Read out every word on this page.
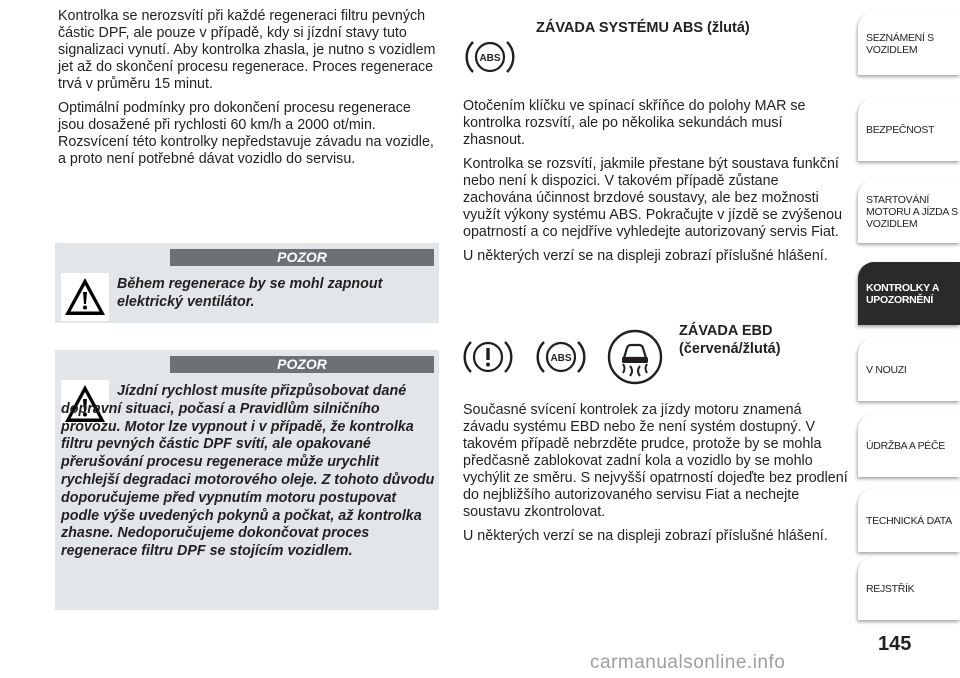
Kontrolka se nerozsvítí při každé regeneraci filtru pevných částic DPF, ale pouze v případě, kdy si jízdní stavy tuto signalizaci vynutí. Aby kontrolka zhasla, je nutno s vozidlem jet až do skončení procesu regenerace. Proces regenerace trvá v průměru 15 minut.

Optimální podmínky pro dokončení procesu regenerace jsou dosažené při rychlosti 60 km/h a 2000 ot/min. Rozsvícení této kontrolky nepředstavuje závadu na vozidle, a proto není potřebné dávat vozidlo do servisu.

POZOR
Během regenerace by se mohl zapnout elektrický ventilátor.
POZOR
Jízdní rychlost musíte přizpůsobovat dané dopravní situaci, počasí a Pravidlům silničního provozu. Motor lze vypnout i v případě, že kontrolka filtru pevných částic DPF svítí, ale opakované přerušování procesu regenerace může urychlit rychlejší degradaci motorového oleje. Z tohoto důvodu doporučujeme před vypnutím motoru postupovat podle výše uvedených pokynů a počkat, až kontrolka zhasne. Nedoporučujeme dokončovat proces regenerace filtru DPF se stojícím vozidlem.
ABS
ZÁVADA SYSTÉMU ABS (žlutá)

Otočením klíčku ve spínací skříňce do polohy MAR se kontrolka rozsvítí, ale po několika sekundách musí zhasnout.

Kontrolka se rozsvítí, jakmile přestane být soustava funkční nebo není k dispozici. V takovém případě zůstane zachována účinnost brzdové soustavy, ale bez možnosti využít výkony systému ABS. Pokračujte v jízdě se zvýšenou opatrností a co nejdříve vyhledejte autorizovaný servis Fiat.

U některých verzí se na displeji zobrazí příslušné hlášení.

ABS
ZÁVADA EBD
(červená/žlutá)

Současné svícení kontrolek za jízdy motoru znamená závadu systému EBD nebo že není systém dostupný. V takovém případě nebrzděte prudce, protože by se mohla předčasně zablokovat zadní kola a vozidlo by se mohlo vychýlit ze směru. S nejvyšší opatrností dojeďte bez prodlení do nejbližšího autorizovaného servisu Fiat a nechejte soustavu zkontrolovat.

U některých verzí se na displeji zobrazí příslušné hlášení.

SEZNÁMENÍ S
VOZIDLEM
BEZPEČNOST
STARTOVÁNÍ
MOTORU A JÍZDA S
VOZIDLEM
KONTROLKY A
UPOZORNĚNÍ
V NOUZI
ÚDRŽBA A PÉČE
TECHNICKÁ DATA
REJSTŘÍK
145
carmanualsonline.info
